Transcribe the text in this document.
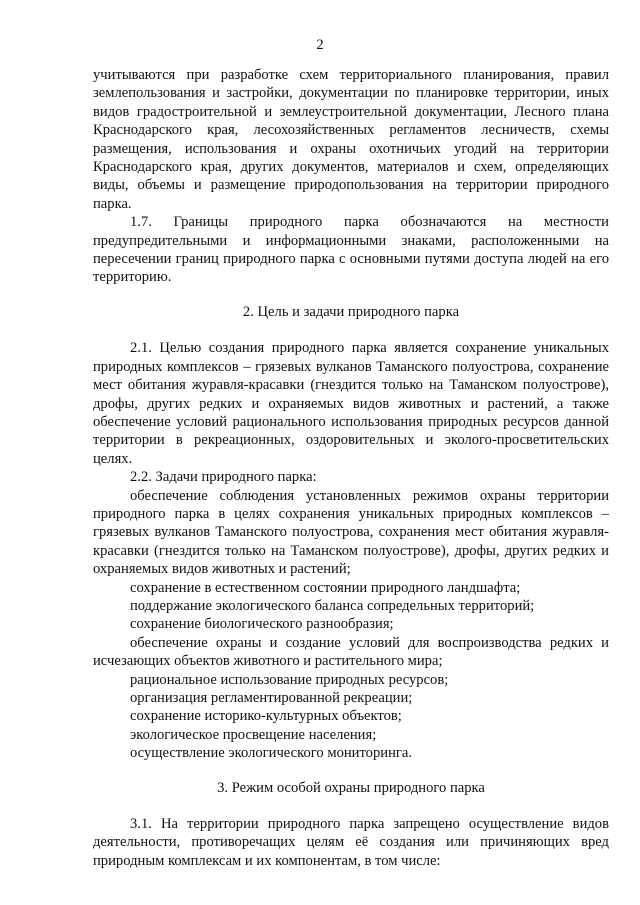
2

учитываются при разработке схем территориального планирования, правил землепользования и застройки, документации по планировке территории, иных видов градостроительной и землеустроительной документации, Лесного плана Краснодарского края, лесохозяйственных регламентов лесничеств, схемы размещения, использования и охраны охотничьих угодий на территории Краснодарского края, других документов, материалов и схем, определяющих виды, объемы и размещение природопользования на территории природного парка.

1.7. Границы природного парка обозначаются на местности предупредительными и информационными знаками, расположенными на пересечении границ природного парка с основными путями доступа людей на его территорию.

2. Цель и задачи природного парка

2.1. Целью создания природного парка является сохранение уникальных природных комплексов – грязевых вулканов Таманского полуострова, сохранение мест обитания журавля-красавки (гнездится только на Таманском полуострове), дрофы, других редких и охраняемых видов животных и растений, а также обеспечение условий рационального использования природных ресурсов данной территории в рекреационных, оздоровительных и эколого-просветительских целях.

2.2. Задачи природного парка:

обеспечение соблюдения установленных режимов охраны территории природного парка в целях сохранения уникальных природных комплексов – грязевых вулканов Таманского полуострова, сохранения мест обитания журавля-красавки (гнездится только на Таманском полуострове), дрофы, других редких и охраняемых видов животных и растений;

сохранение в естественном состоянии природного ландшафта;

поддержание экологического баланса сопредельных территорий;

сохранение биологического разнообразия;

обеспечение охраны и создание условий для воспроизводства редких и исчезающих объектов животного и растительного мира;

рациональное использование природных ресурсов;

организация регламентированной рекреации;

сохранение историко-культурных объектов;

экологическое просвещение населения;

осуществление экологического мониторинга.

3. Режим особой охраны природного парка

3.1. На территории природного парка запрещено осуществление видов деятельности, противоречащих целям её создания или причиняющих вред природным комплексам и их компонентам, в том числе:
